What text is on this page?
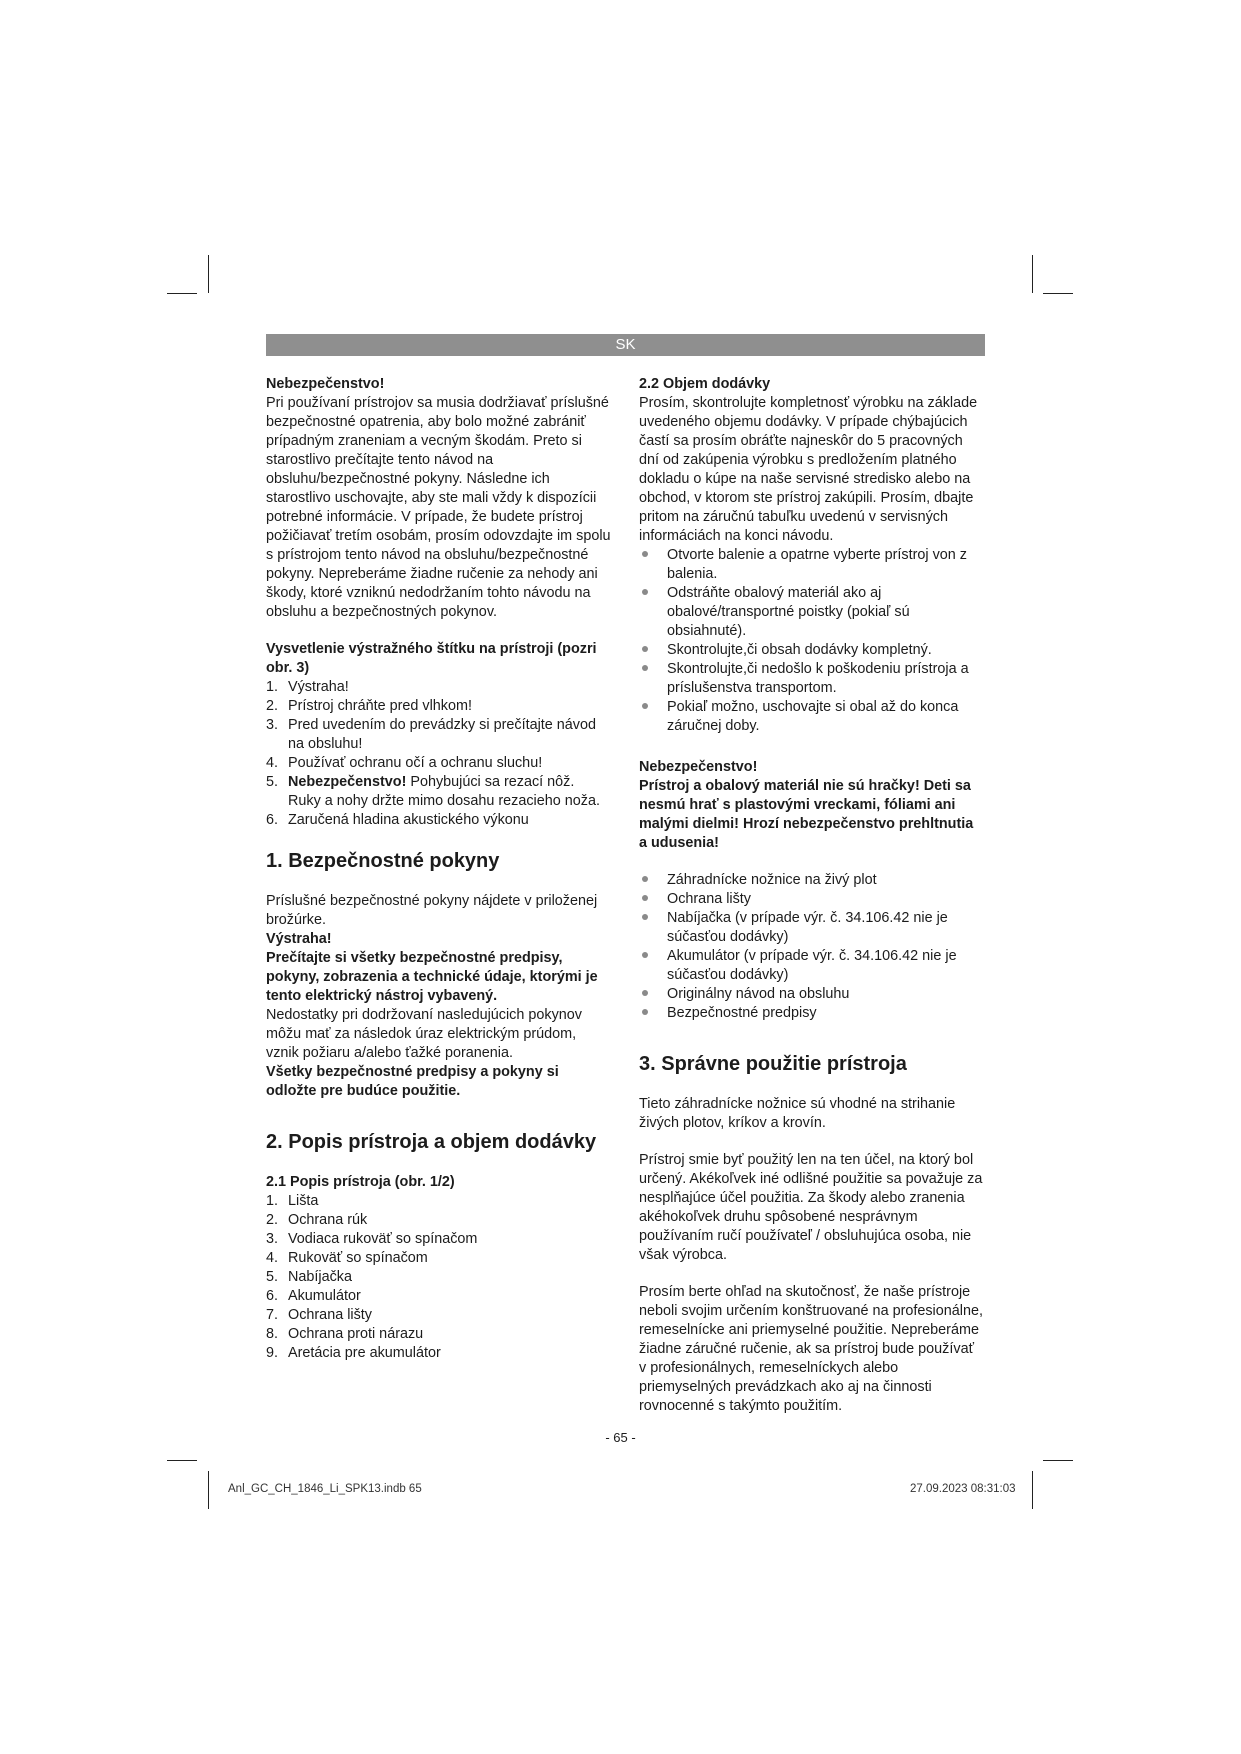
SK

Nebezpečenstvo!

Pri používaní prístrojov sa musia dodržiavať príslušné bezpečnostné opatrenia, aby bolo možné zabrániť prípadným zraneniam a vecným škodám. Preto si starostlivo prečítajte tento návod na obsluhu/bezpečnostné pokyny. Následne ich starostlivo uschovajte, aby ste mali vždy k dispozícii potrebné informácie. V prípade, že budete prístroj požičiavať tretím osobám, prosím odovzdajte im spolu s prístrojom tento návod na obsluhu/bezpečnostné pokyny. Nepreberáme žiadne ručenie za nehody ani škody, ktoré vzniknú nedodržaním tohto návodu na obsluhu a bezpečnostných pokynov.

Vysvetlenie výstražného štítku na prístroji (pozri obr. 3)

1. Výstraha!
2. Prístroj chráňte pred vlhkom!
3. Pred uvedením do prevádzky si prečítajte návod na obsluhu!
4. Používať ochranu očí a ochranu sluchu!
5. Nebezpečenstvo! Pohybujúci sa rezací nôž. Ruky a nohy držte mimo dosahu rezacieho noža.
6. Zaručená hladina akustického výkonu

1. Bezpečnostné pokyny

Príslušné bezpečnostné pokyny nájdete v priloženej brožúrke.

Výstraha!

Prečítajte si všetky bezpečnostné predpisy, pokyny, zobrazenia a technické údaje, ktorými je tento elektrický nástroj vybavený.

Nedostatky pri dodržovaní nasledujúcich pokynov môžu mať za následok úraz elektrickým prúdom, vznik požiaru a/alebo ťažké poranenia.

Všetky bezpečnostné predpisy a pokyny si odložte pre budúce použitie.

2. Popis prístroja a objem dodávky

2.1 Popis prístroja (obr. 1/2)

1. Lišta
2. Ochrana rúk
3. Vodiaca rukoväť so spínačom
4. Rukoväť so spínačom
5. Nabíjačka
6. Akumulátor
7. Ochrana lišty
8. Ochrana proti nárazu
9. Aretácia pre akumulátor

2.2 Objem dodávky

Prosím, skontrolujte kompletnosť výrobku na základe uvedeného objemu dodávky. V prípade chýbajúcich častí sa prosím obráťte najneskôr do 5 pracovných dní od zakúpenia výrobku s predložením platného dokladu o kúpe na naše servisné stredisko alebo na obchod, v ktorom ste prístroj zakúpili. Prosím, dbajte pritom na záručnú tabuľku uvedenú v servisných informáciách na konci návodu.

Otvorte balenie a opatrne vyberte prístroj von z balenia.
Odstráňte obalový materiál ako aj obalové/transportné poistky (pokiaľ sú obsiahnuté).
Skontrolujte,či obsah dodávky kompletný.
Skontrolujte,či nedošlo k poškodeniu prístroja a príslušenstva transportom.
Pokiaľ možno, uschovajte si obal až do konca záručnej doby.

Nebezpečenstvo!

Prístroj a obalový materiál nie sú hračky! Deti sa nesmú hrať s plastovými vreckami, fóliami ani malými dielmi! Hrozí nebezpečenstvo prehltnutia a udusenia!

Záhradnícke nožnice na živý plot
Ochrana lišty
Nabíjačka (v prípade výr. č. 34.106.42 nie je súčasťou dodávky)
Akumulátor (v prípade výr. č. 34.106.42 nie je súčasťou dodávky)
Originálny návod na obsluhu
Bezpečnostné predpisy

3. Správne použitie prístroja

Tieto záhradnícke nožnice sú vhodné na strihanie živých plotov, kríkov a krovín.

Prístroj smie byť použitý len na ten účel, na ktorý bol určený. Akékoľvek iné odlišné použitie sa považuje za nesplňajúce účel použitia. Za škody alebo zranenia akéhokoľvek druhu spôsobené nesprávnym používaním ručí používateľ / obsluhujúca osoba, nie však výrobca.

Prosím berte ohľad na skutočnosť, že naše prístroje neboli svojim určením konštruované na profesionálne, remeselnícke ani priemyselné použitie. Nepreberáme žiadne záručné ručenie, ak sa prístroj bude používať v profesionálnych, remeselníckych alebo priemyselných prevádzkach ako aj na činnosti rovnocenné s takýmto použitím.

- 65 -
Anl_GC_CH_1846_Li_SPK13.indb 65	27.09.2023 08:31:03
